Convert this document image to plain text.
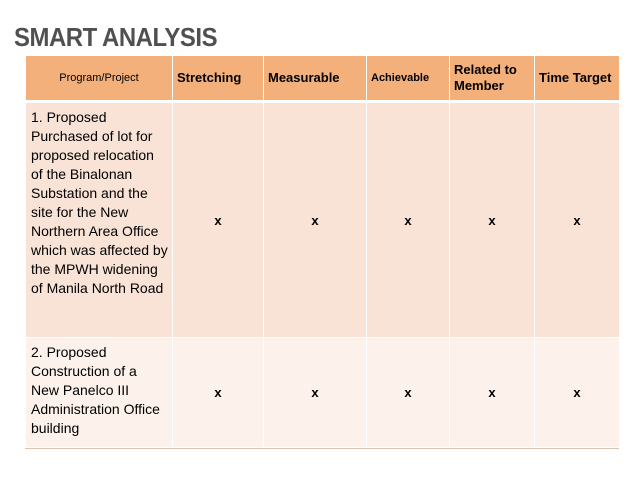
SMART ANALYSIS
Program/Project	Stretching	Measurable	Achievable	Related to Member	Time Target
1. Proposed Purchased of lot for proposed relocation of the Binalonan Substation and the site for the New Northern Area Office which was affected by the MPWH widening of Manila North Road	x	x	x	x	x
2. Proposed Construction of a New Panelco III Administration Office building	x	x	x	x	x
